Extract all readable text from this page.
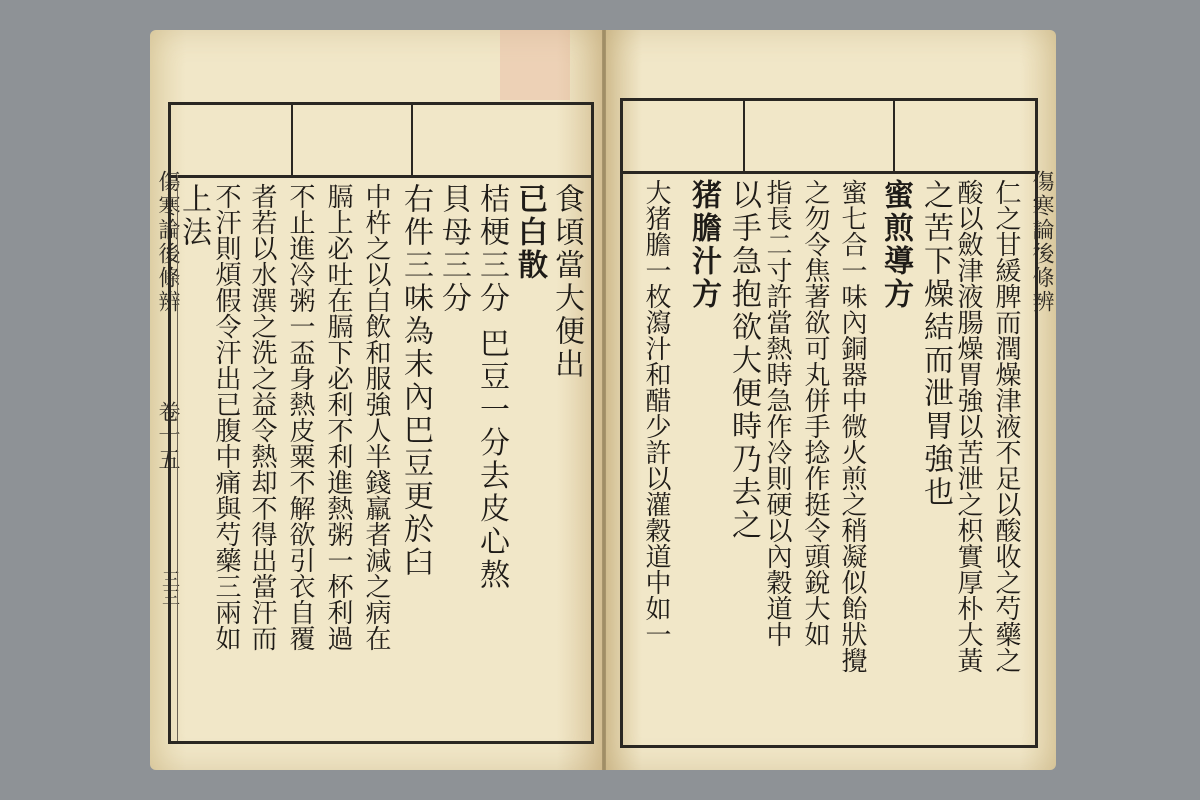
傷寒論後條辨
卷十五
三三
食頃當大便出
已白散
桔梗三分 巴豆一分去皮心熬
貝母三分
右件三味為末內巴豆更於臼
中杵之以白飲和服強人半錢羸者減之病在
膈上必吐在膈下必利不利進熱粥一杯利過
不止進冷粥一盃身熱皮粟不解欲引衣自覆
者若以水潠之洗之益令熱却不得出當汗而
不汗則煩假令汗出已腹中痛與芍藥三兩如
上法	傷寒論後條辨
仁之甘緩脾而潤燥津液不足以酸收之芍藥之
酸以斂津液腸燥胃強以苦泄之枳實厚朴大黃
之苦下燥結而泄胃強也
蜜煎導方
蜜七合一味內銅器中微火煎之稍凝似飴狀攪
之勿令焦著欲可丸併手捻作挺令頭銳大如
指長二寸許當熱時急作冷則硬以內穀道中
以手急抱欲大便時乃去之
猪膽汁方
大猪膽一枚瀉汁和醋少許以灌穀道中如一
